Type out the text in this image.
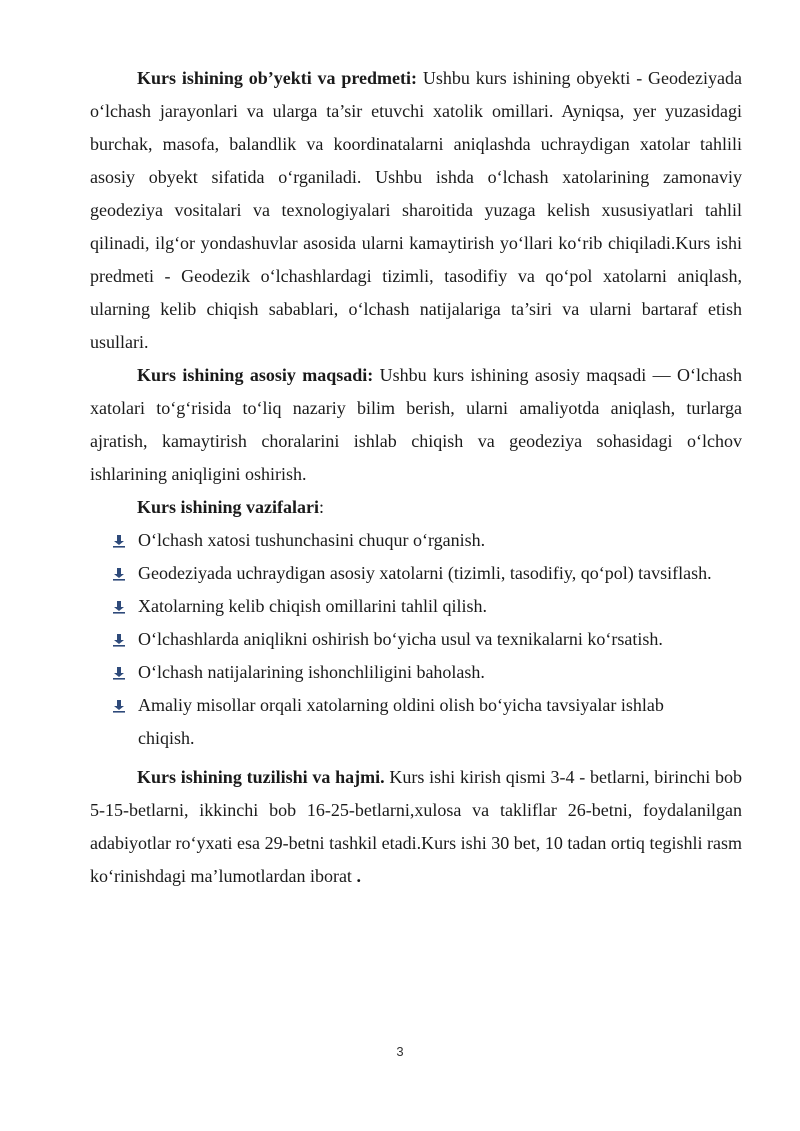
Kurs ishining ob’yekti va predmeti: Ushbu kurs ishining obyekti - Geodeziyada o‘lchash jarayonlari va ularga ta’sir etuvchi xatolik omillari. Ayniqsa, yer yuzasidagi burchak, masofa, balandlik va koordinatalarni aniqlashda uchraydigan xatolar tahlili asosiy obyekt sifatida o‘rganiladi. Ushbu ishda o‘lchash xatolarining zamonaviy geodeziya vositalari va texnologiyalari sharoitida yuzaga kelish xususiyatlari tahlil qilinadi, ilg‘or yondashuvlar asosida ularni kamaytirish yo‘llari ko‘rib chiqiladi.Kurs ishi predmeti - Geodezik o‘lchashlardagi tizimli, tasodifiy va qo‘pol xatolarni aniqlash, ularning kelib chiqish sabablari, o‘lchash natijalariga ta’siri va ularni bartaraf etish usullari.

Kurs ishining asosiy maqsadi: Ushbu kurs ishining asosiy maqsadi — O‘lchash xatolari to‘g‘risida to‘liq nazariy bilim berish, ularni amaliyotda aniqlash, turlarga ajratish, kamaytirish choralarini ishlab chiqish va geodeziya sohasidagi o‘lchov ishlarining aniqligini oshirish.

Kurs ishining vazifalari:

O‘lchash xatosi tushunchasini chuqur o‘rganish.
Geodeziyada uchraydigan asosiy xatolarni (tizimli, tasodifiy, qo‘pol) tavsiflash.
Xatolarning kelib chiqish omillarini tahlil qilish.
O‘lchashlarda aniqlikni oshirish bo‘yicha usul va texnikalarni ko‘rsatish.
O‘lchash natijalarining ishonchliligini baholash.
Amaliy misollar orqali xatolarning oldini olish bo‘yicha tavsiyalar ishlab chiqish.

Kurs ishining tuzilishi va hajmi. Kurs ishi kirish qismi 3-4 - betlarni, birinchi bob 5-15-betlarni, ikkinchi bob 16-25-betlarni,xulosa va takliflar 26-betni, foydalanilgan adabiyotlar ro‘yxati esa 29-betni tashkil etadi.Kurs ishi 30 bet, 10 tadan ortiq tegishli rasm ko‘rinishdagi ma’lumotlardan iborat .

3
